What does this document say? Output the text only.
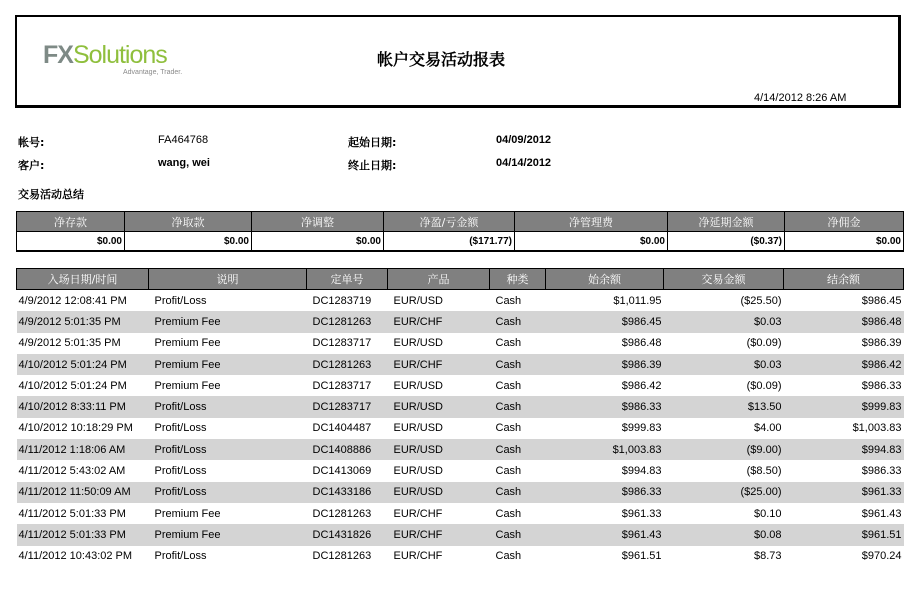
FXSolutions
Advantage, Trader.
帐户交易活动报表
4/14/2012 8:26 AM
帐号:	FA464768
客户:	wang, wei
起始日期:	04/09/2012
终止日期:	04/14/2012
交易活动总结
净存款	净取款	净调整	净盈/亏金额	净管理费	净延期金额	净佣金
$0.00	$0.00	$0.00	($171.77)	$0.00	($0.37)	$0.00
入场日期/时间	说明	定单号	产品	种类	始余额	交易金额	结余额
4/9/2012 12:08:41 PM	Profit/Loss	DC1283719	EUR/USD	Cash	$1,011.95	($25.50)	$986.45
4/9/2012 5:01:35 PM	Premium Fee	DC1281263	EUR/CHF	Cash	$986.45	$0.03	$986.48
4/9/2012 5:01:35 PM	Premium Fee	DC1283717	EUR/USD	Cash	$986.48	($0.09)	$986.39
4/10/2012 5:01:24 PM	Premium Fee	DC1281263	EUR/CHF	Cash	$986.39	$0.03	$986.42
4/10/2012 5:01:24 PM	Premium Fee	DC1283717	EUR/USD	Cash	$986.42	($0.09)	$986.33
4/10/2012 8:33:11 PM	Profit/Loss	DC1283717	EUR/USD	Cash	$986.33	$13.50	$999.83
4/10/2012 10:18:29 PM	Profit/Loss	DC1404487	EUR/USD	Cash	$999.83	$4.00	$1,003.83
4/11/2012 1:18:06 AM	Profit/Loss	DC1408886	EUR/USD	Cash	$1,003.83	($9.00)	$994.83
4/11/2012 5:43:02 AM	Profit/Loss	DC1413069	EUR/USD	Cash	$994.83	($8.50)	$986.33
4/11/2012 11:50:09 AM	Profit/Loss	DC1433186	EUR/USD	Cash	$986.33	($25.00)	$961.33
4/11/2012 5:01:33 PM	Premium Fee	DC1281263	EUR/CHF	Cash	$961.33	$0.10	$961.43
4/11/2012 5:01:33 PM	Premium Fee	DC1431826	EUR/CHF	Cash	$961.43	$0.08	$961.51
4/11/2012 10:43:02 PM	Profit/Loss	DC1281263	EUR/CHF	Cash	$961.51	$8.73	$970.24
